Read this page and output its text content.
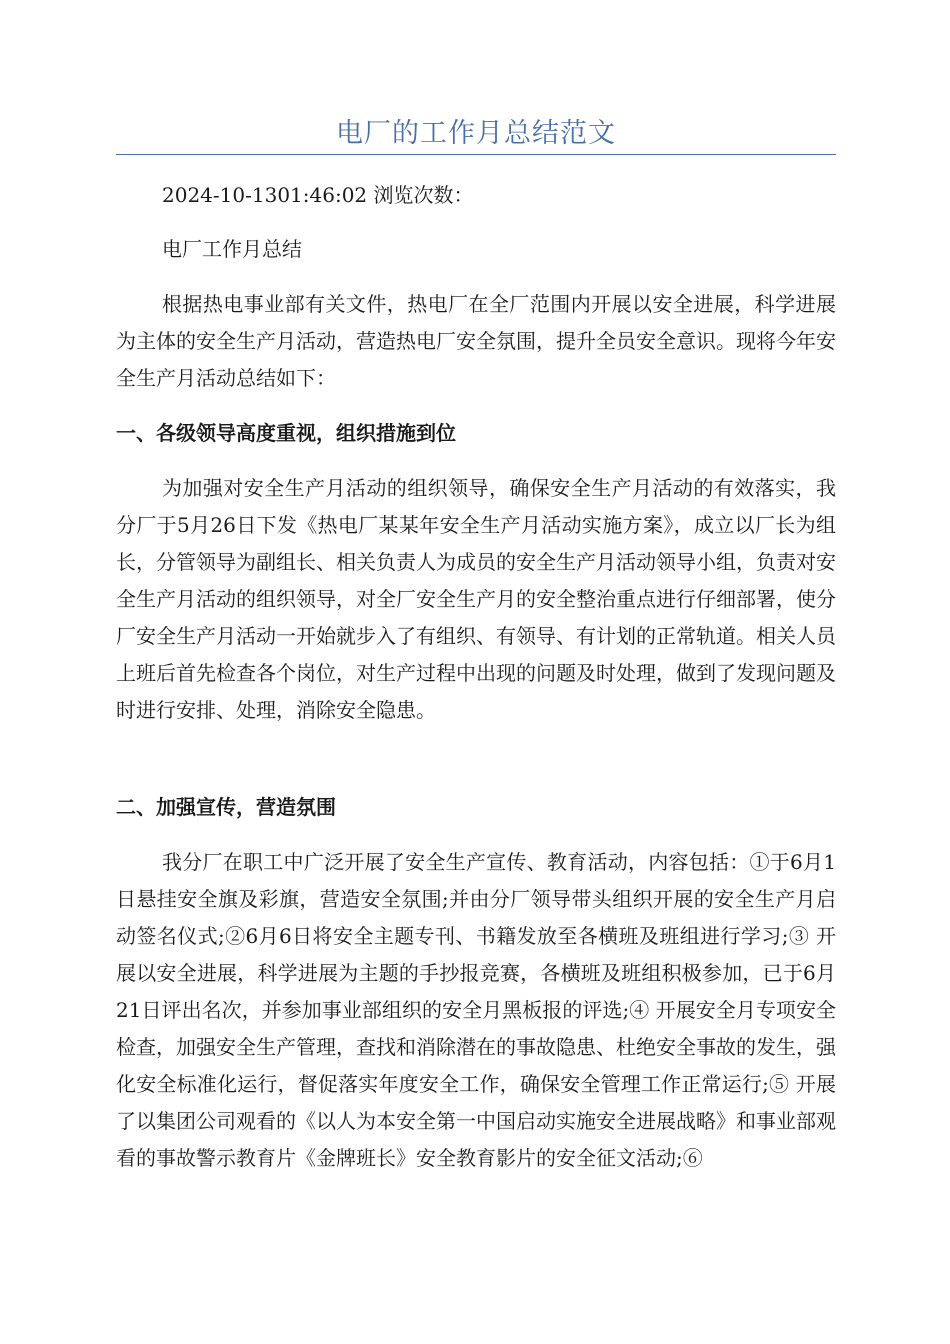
电厂的工作月总结范文
2024-10-1301:46:02 浏览次数：
电厂工作月总结

根据热电事业部有关文件，热电厂在全厂范围内开展以安全进展，科学进展为主体的安全生产月活动，营造热电厂安全氛围，提升全员安全意识。现将今年安全生产月活动总结如下：

一、各级领导高度重视，组织措施到位

为加强对安全生产月活动的组织领导，确保安全生产月活动的有效落实，我分厂于5月26日下发《热电厂某某年安全生产月活动实施方案》，成立以厂长为组长，分管领导为副组长、相关负责人为成员的安全生产月活动领导小组，负责对安全生产月活动的组织领导，对全厂安全生产月的安全整治重点进行仔细部署，使分厂安全生产月活动一开始就步入了有组织、有领导、有计划的正常轨道。相关人员上班后首先检查各个岗位，对生产过程中出现的问题及时处理，做到了发现问题及时进行安排、处理，消除安全隐患。

二、加强宣传，营造氛围

我分厂在职工中广泛开展了安全生产宣传、教育活动，内容包括：①于6月1日悬挂安全旗及彩旗，营造安全氛围;并由分厂领导带头组织开展的安全生产月启动签名仪式;②6月6日将安全主题专刊、书籍发放至各横班及班组进行学习;③ 开展以安全进展，科学进展为主题的手抄报竞赛，各横班及班组积极参加，已于6月21日评出名次，并参加事业部组织的安全月黑板报的评选;④ 开展安全月专项安全检查，加强安全生产管理，查找和消除潜在的事故隐患、杜绝安全事故的发生，强化安全标准化运行，督促落实年度安全工作，确保安全管理工作正常运行;⑤ 开展了以集团公司观看的《以人为本安全第一中国启动实施安全进展战略》和事业部观看的事故警示教育片《金牌班长》安全教育影片的安全征文活动;⑥
